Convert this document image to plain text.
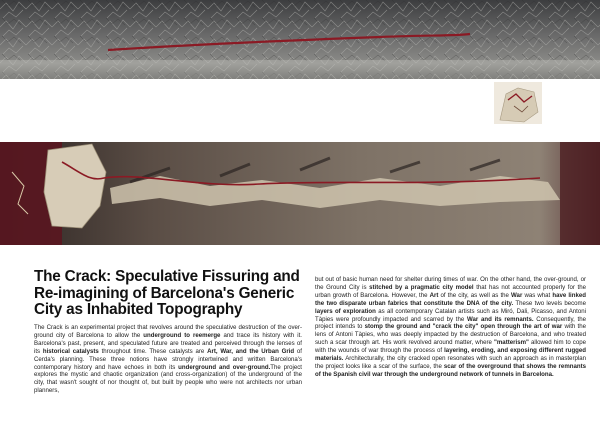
The Crack: Speculative Fissuring and Re-imagining of Barcelona's Generic City as Inhabited Topography

The Crack is an experimental project that revolves around the speculative destruction of the over-ground city of Barcelona to allow the underground to reemerge and trace its history with it. Barcelona's past, present, and speculated future are treated and perceived through the lenses of its historical catalysts throughout time. These catalysts are Art, War, and the Urban Grid of Cerda's planning. These three notions have strongly intertwined and written Barcelona's contemporary history and have echoes in both its underground and over-ground.The project explores the mystic and chaotic organization (and cross-organization) of the underground of the city, that wasn't sought of nor thought of, but built by people who were not architects nor urban planners,

but out of basic human need for shelter during times of war. On the other hand, the over-ground, or the Ground City is stitched by a pragmatic city model that has not accounted properly for the urban growth of Barcelona. However, the Art of the city, as well as the War was what have linked the two disparate urban fabrics that constitute the DNA of the city. These two levels become layers of exploration as all contemporary Catalan artists such as Miró, Dali, Picasso, and Antoni Tàpies were profoundly impacted and scarred by the War and its remnants. Consequently, the project intends to stomp the ground and "crack the city" open through the art of war with the lens of Antoni Tàpies, who was deeply impacted by the destruction of Barcelona, and who treated such a scar through art. His work revolved around matter, where "matterism" allowed him to cope with the wounds of war through the process of layering, eroding, and exposing different rugged materials. Architecturally, the city cracked open resonates with such an approach as in masterplan the project looks like a scar of the surface, the scar of the overground that shows the remnants of the Spanish civil war through the underground network of tunnels in Barcelona.
